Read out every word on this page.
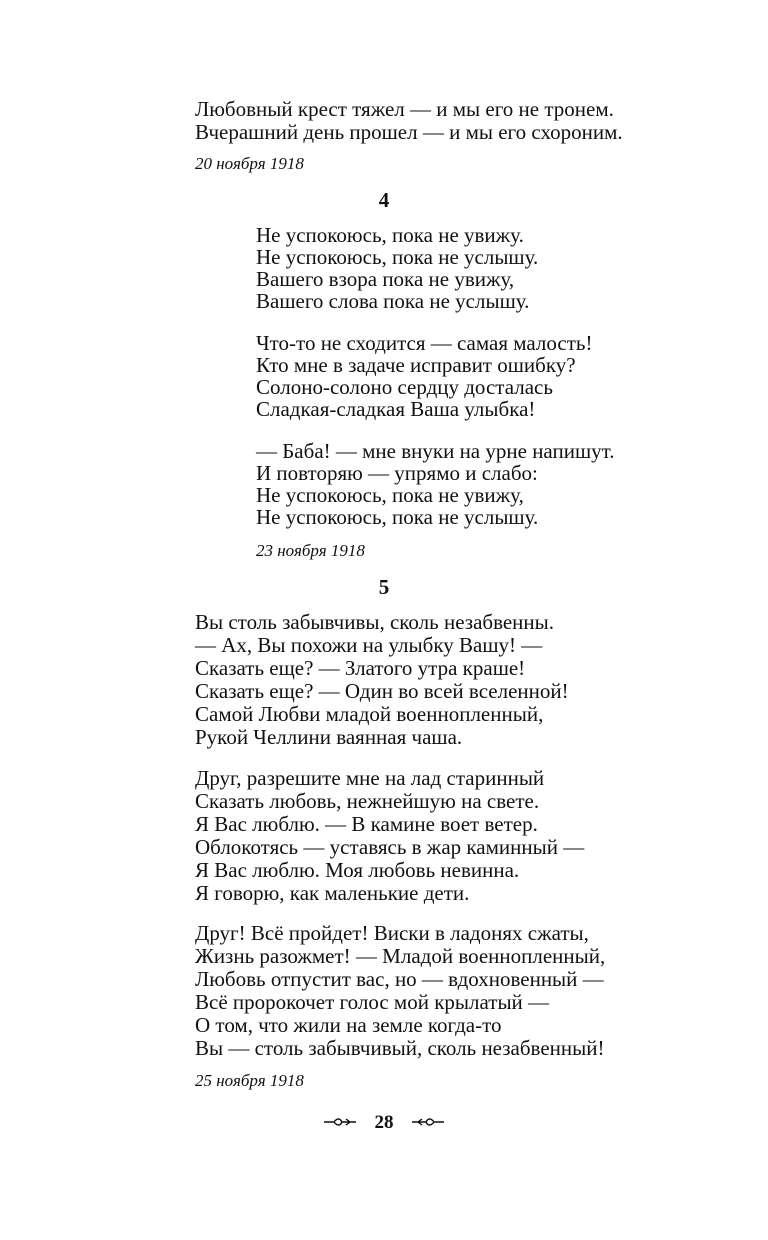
Любовный крест тяжел — и мы его не тронем.
Вчерашний день прошел — и мы его схороним.
20 ноября 1918
4
Не успокоюсь, пока не увижу.
Не успокоюсь, пока не услышу.
Вашего взора пока не увижу,
Вашего слова пока не услышу.
Что-то не сходится — самая малость!
Кто мне в задаче исправит ошибку?
Солоно-солоно сердцу досталась
Сладкая-сладкая Ваша улыбка!
— Баба! — мне внуки на урне напишут.
И повторяю — упрямо и слабо:
Не успокоюсь, пока не увижу,
Не успокоюсь, пока не услышу.
23 ноября 1918
5
Вы столь забывчивы, сколь незабвенны.
— Ах, Вы похожи на улыбку Вашу! —
Сказать еще? — Златого утра краше!
Сказать еще? — Один во всей вселенной!
Самой Любви младой военнопленный,
Рукой Челлини ваянная чаша.
Друг, разрешите мне на лад старинный
Сказать любовь, нежнейшую на свете.
Я Вас люблю. — В камине воет ветер.
Облокотясь — уставясь в жар каминный —
Я Вас люблю. Моя любовь невинна.
Я говорю, как маленькие дети.
Друг! Всё пройдет! Виски в ладонях сжаты,
Жизнь разожмет! — Младой военнопленный,
Любовь отпустит вас, но — вдохновенный —
Всё пророкочет голос мой крылатый —
О том, что жили на земле когда-то
Вы — столь забывчивый, сколь незабвенный!
25 ноября 1918
28
